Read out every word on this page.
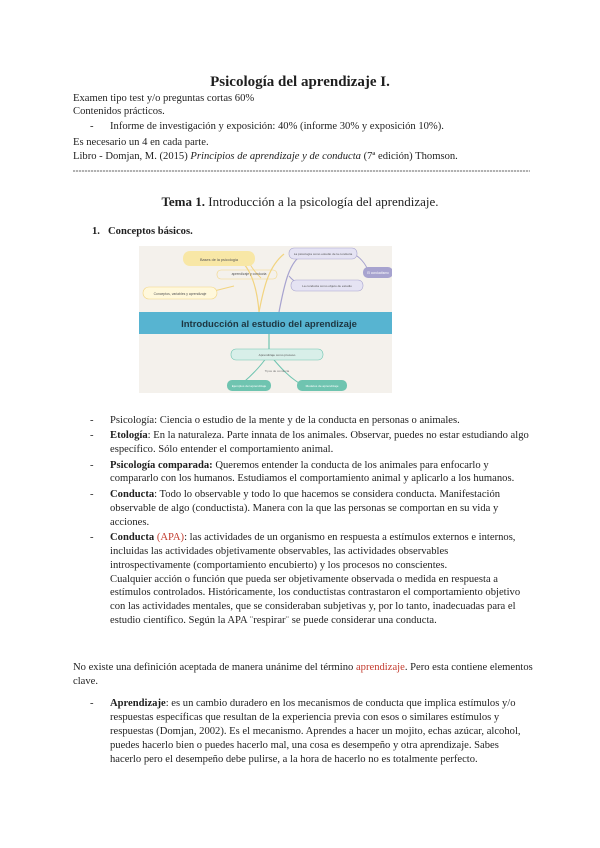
Psicología del aprendizaje I.
Examen tipo test y/o preguntas cortas 60%
Contenidos prácticos.
- Informe de investigación y exposición: 40% (informe 30% y exposición 10%).
Es necesario un 4 en cada parte.
Libro - Domjan, M. (2015) Principios de aprendizaje y de conducta (7ª edición) Thomson.
Tema 1. Introducción a la psicología del aprendizaje.
1. Conceptos básicos.
Bases de la psicología
aprendizaje y conducta
Conceptos, variables y aprendizaje
La psicología como estudio de la conducta
El conductismo
La conducta como objeto de estudio
Introducción al estudio del aprendizaje
Aprendizaje como proceso
Ejemplos del aprendizaje	Modelos de aprendizaje
Tipos de conducta
- Psicología: Ciencia o estudio de la mente y de la conducta en personas o animales.
- Etología: En la naturaleza. Parte innata de los animales. Observar, puedes no estar estudiando algo específico. Sólo entender el comportamiento animal.
- Psicología comparada: Queremos entender la conducta de los animales para enfocarlo y compararlo con los humanos. Estudiamos el comportamiento animal y aplicarlo a los humanos.
- Conducta: Todo lo observable y todo lo que hacemos se considera conducta. Manifestación observable de algo (conductista). Manera con la que las personas se comportan en su vida y acciones.
- Conducta (APA): las actividades de un organismo en respuesta a estímulos externos e internos, incluidas las actividades objetivamente observables, las actividades observables introspectivamente (comportamiento encubierto) y los procesos no conscientes.
Cualquier acción o función que pueda ser objetivamente observada o medida en respuesta a estímulos controlados. Históricamente, los conductistas contrastaron el comportamiento objetivo con las actividades mentales, que se consideraban subjetivas y, por lo tanto, inadecuadas para el estudio científico. Según la APA ¨respirar¨ se puede considerar una conducta.
No existe una definición aceptada de manera unánime del término aprendizaje. Pero esta contiene elementos clave.
- Aprendizaje: es un cambio duradero en los mecanismos de conducta que implica estímulos y/o respuestas específicas que resultan de la experiencia previa con esos o similares estímulos y respuestas (Domjan, 2002). Es el mecanismo. Aprendes a hacer un mojito, echas azúcar, alcohol, puedes hacerlo bien o puedes hacerlo mal, una cosa es desempeño y otra aprendizaje. Sabes hacerlo pero el desempeño debe pulirse, a la hora de hacerlo no es totalmente perfecto.
